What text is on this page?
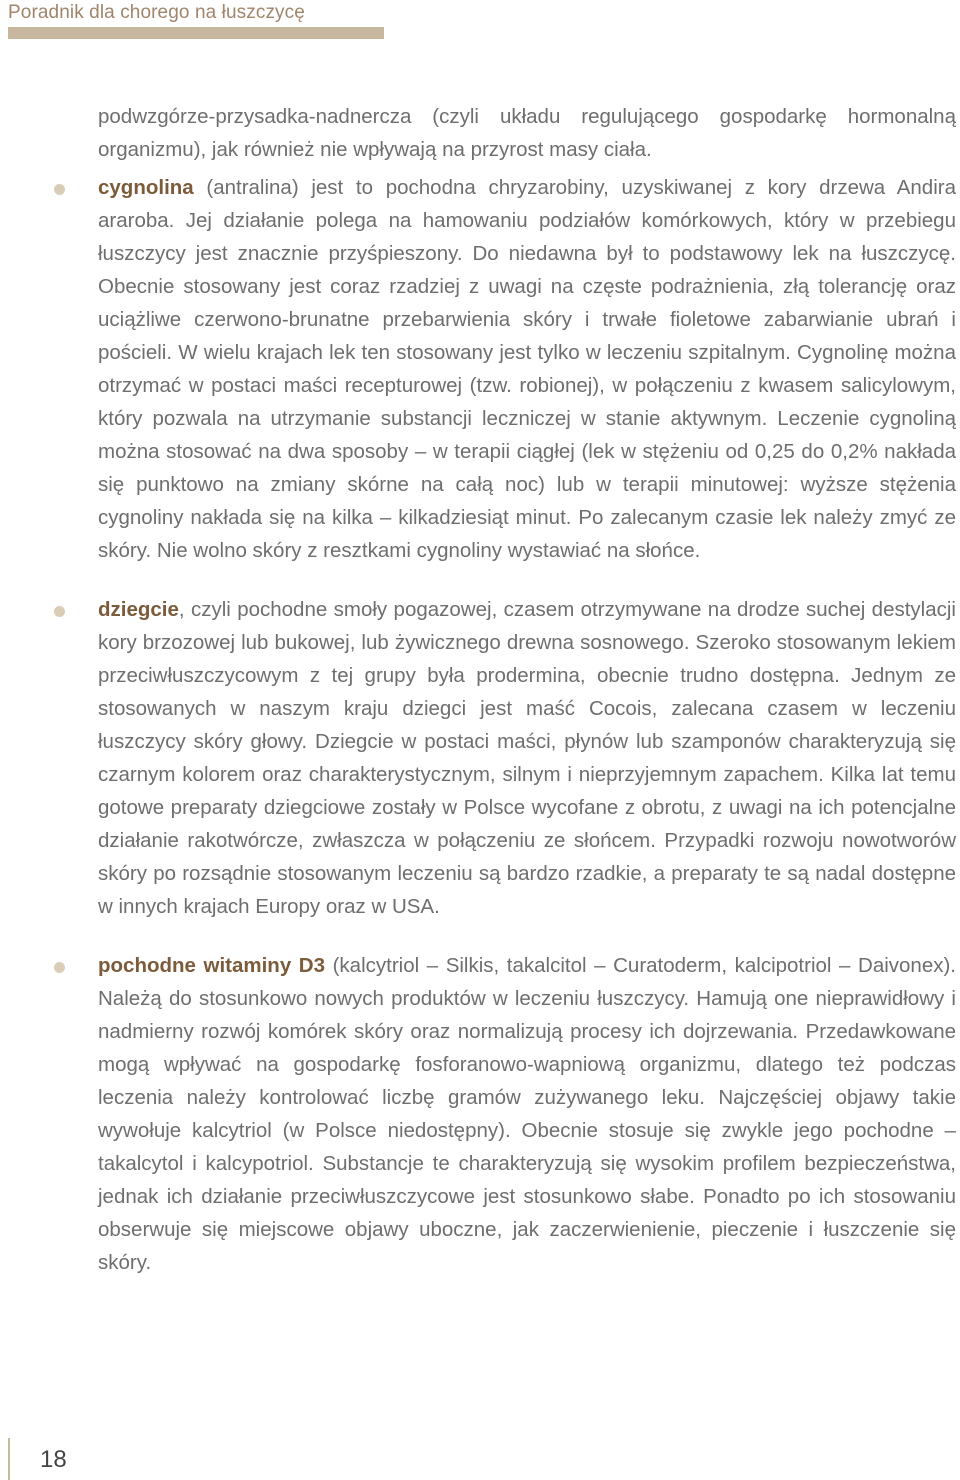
Poradnik dla chorego na łuszczycę

podwzgórze-przysadka-nadnercza (czyli układu regulującego gospodarkę hormonalną organizmu), jak również nie wpływają na przyrost masy ciała.

cygnolina (antralina) jest to pochodna chryzarobiny, uzyskiwanej z kory drzewa Andira araroba. Jej działanie polega na hamowaniu podziałów komórkowych, który w przebiegu łuszczycy jest znacznie przyśpieszony. Do niedawna był to podstawowy lek na łuszczycę. Obecnie stosowany jest coraz rzadziej z uwagi na częste podrażnienia, złą tolerancję oraz uciążliwe czerwono-brunatne przebarwienia skóry i trwałe fioletowe zabarwianie ubrań i pościeli. W wielu krajach lek ten stosowany jest tylko w leczeniu szpitalnym. Cygnolinę można otrzymać w postaci maści recepturowej (tzw. robionej), w połączeniu z kwasem salicylowym, który pozwala na utrzymanie substancji leczniczej w stanie aktywnym. Leczenie cygnoliną można stosować na dwa sposoby – w terapii ciągłej (lek w stężeniu od 0,25 do 0,2% nakłada się punktowo na zmiany skórne na całą noc) lub w terapii minutowej: wyższe stężenia cygnoliny nakłada się na kilka – kilkadziesiąt minut. Po zalecanym czasie lek należy zmyć ze skóry. Nie wolno skóry z resztkami cygnoliny wystawiać na słońce.

dziegcie, czyli pochodne smoły pogazowej, czasem otrzymywane na drodze suchej destylacji kory brzozowej lub bukowej, lub żywicznego drewna sosnowego. Szeroko stosowanym lekiem przeciwłuszczycowym z tej grupy była prodermina, obecnie trudno dostępna. Jednym ze stosowanych w naszym kraju dziegci jest maść Cocois, zalecana czasem w leczeniu łuszczycy skóry głowy. Dziegcie w postaci maści, płynów lub szamponów charakteryzują się czarnym kolorem oraz charakterystycznym, silnym i nieprzyjemnym zapachem. Kilka lat temu gotowe preparaty dziegciowe zostały w Polsce wycofane z obrotu, z uwagi na ich potencjalne działanie rakotwórcze, zwłaszcza w połączeniu ze słońcem. Przypadki rozwoju nowotworów skóry po rozsądnie stosowanym leczeniu są bardzo rzadkie, a preparaty te są nadal dostępne w innych krajach Europy oraz w USA.

pochodne witaminy D3 (kalcytriol – Silkis, takalcitol – Curatoderm, kalcipotriol – Daivonex). Należą do stosunkowo nowych produktów w leczeniu łuszczycy. Hamują one nieprawidłowy i nadmierny rozwój komórek skóry oraz normalizują procesy ich dojrzewania. Przedawkowane mogą wpływać na gospodarkę fosforanowo-wapniową organizmu, dlatego też podczas leczenia należy kontrolować liczbę gramów zużywanego leku. Najczęściej objawy takie wywołuje kalcytriol (w Polsce niedostępny). Obecnie stosuje się zwykle jego pochodne – takalcytol i kalcypotriol. Substancje te charakteryzują się wysokim profilem bezpieczeństwa, jednak ich działanie przeciwłuszczycowe jest stosunkowo słabe. Ponadto po ich stosowaniu obserwuje się miejscowe objawy uboczne, jak zaczerwienienie, pieczenie i łuszczenie się skóry.

18
